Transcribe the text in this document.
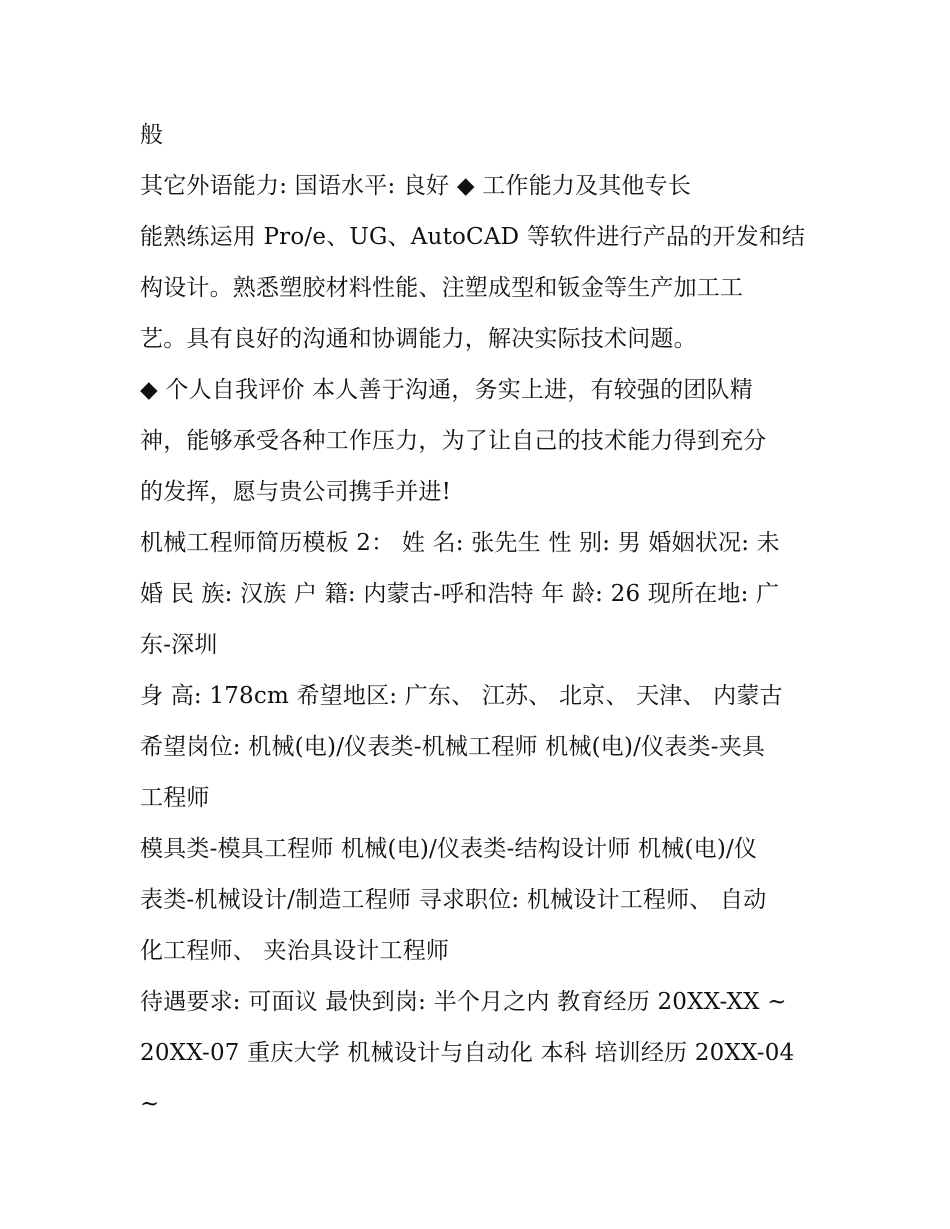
般
其它外语能力: 国语水平: 良好 ◆ 工作能力及其他专长
能熟练运用 Pro/e、UG、AutoCAD 等软件进行产品的开发和结
构设计。熟悉塑胶材料性能、注塑成型和钣金等生产加工工
艺。具有良好的沟通和协调能力，解决实际技术问题。
◆ 个人自我评价 本人善于沟通，务实上进，有较强的团队精
神，能够承受各种工作压力，为了让自己的技术能力得到充分
的发挥，愿与贵公司携手并进!
机械工程师简历模板 2： 姓 名: 张先生 性 别: 男 婚姻状况: 未
婚 民 族: 汉族 户 籍: 内蒙古-呼和浩特 年 龄: 26 现所在地: 广
东-深圳
身 高: 178cm 希望地区: 广东、 江苏、 北京、 天津、 内蒙古
希望岗位: 机械(电)/仪表类-机械工程师 机械(电)/仪表类-夹具
工程师
模具类-模具工程师 机械(电)/仪表类-结构设计师 机械(电)/仪
表类-机械设计/制造工程师 寻求职位: 机械设计工程师、 自动
化工程师、 夹治具设计工程师
待遇要求: 可面议 最快到岗: 半个月之内 教育经历 20XX-XX ~
20XX-07 重庆大学 机械设计与自动化 本科 培训经历 20XX-04
~
